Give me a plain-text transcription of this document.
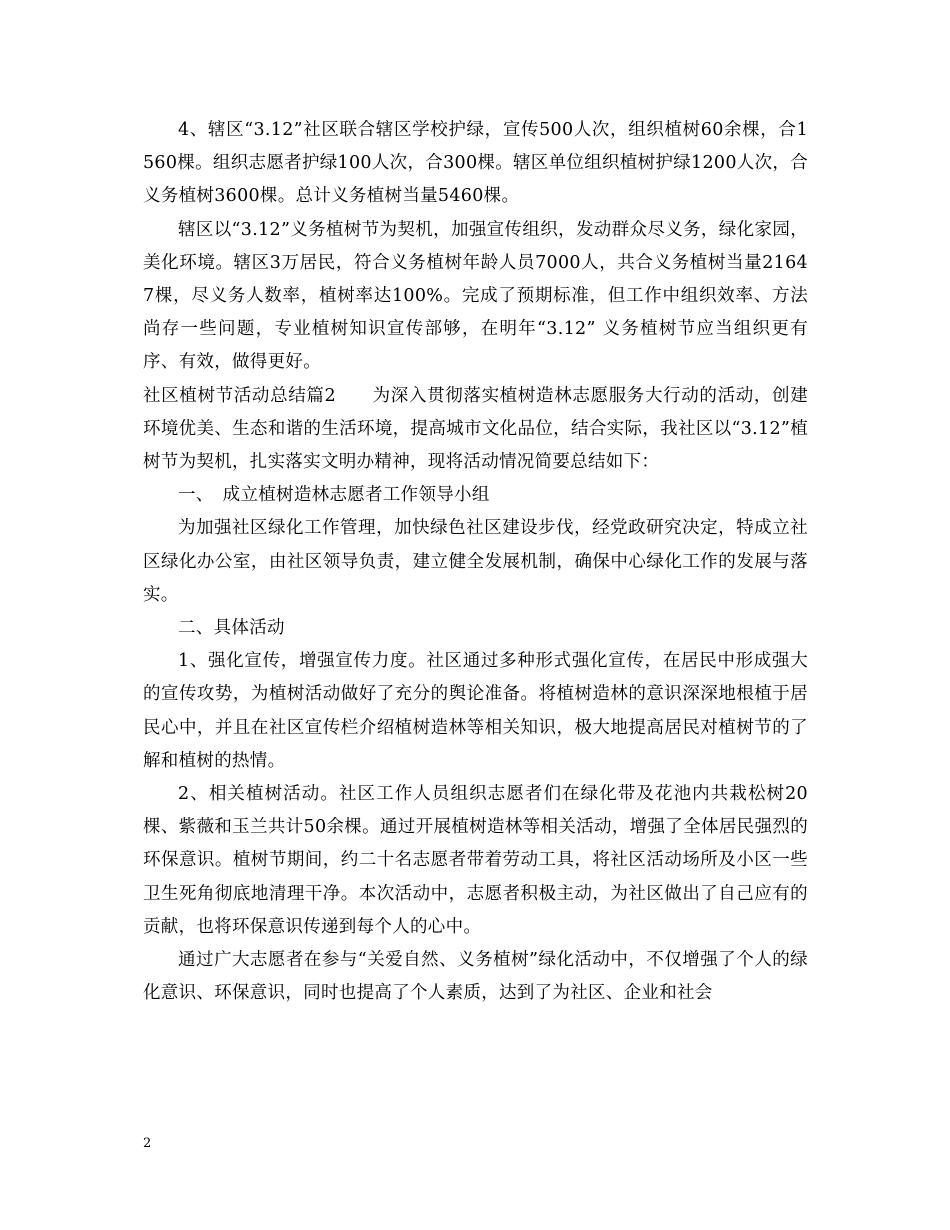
4、辖区“3.12”社区联合辖区学校护绿，宣传500人次，组织植树60余棵，合1560棵。组织志愿者护绿100人次，合300棵。辖区单位组织植树护绿1200人次，合义务植树3600棵。总计义务植树当量5460棵。

辖区以“3.12”义务植树节为契机，加强宣传组织，发动群众尽义务，绿化家园，美化环境。辖区3万居民，符合义务植树年龄人员7000人，共合义务植树当量21647棵，尽义务人数率，植树率达100%。完成了预期标准，但工作中组织效率、方法尚存一些问题，专业植树知识宣传部够，在明年“3.12” 义务植树节应当组织更有序、有效，做得更好。

社区植树节活动总结篇2　　为深入贯彻落实植树造林志愿服务大行动的活动，创建环境优美、生态和谐的生活环境，提高城市文化品位，结合实际，我社区以“3.12”植树节为契机，扎实落实文明办精神，现将活动情况简要总结如下：

一、　成立植树造林志愿者工作领导小组

为加强社区绿化工作管理，加快绿色社区建设步伐，经党政研究决定，特成立社区绿化办公室，由社区领导负责，建立健全发展机制，确保中心绿化工作的发展与落实。

二、具体活动

1、强化宣传，增强宣传力度。社区通过多种形式强化宣传，在居民中形成强大的宣传攻势，为植树活动做好了充分的舆论准备。将植树造林的意识深深地根植于居民心中，并且在社区宣传栏介绍植树造林等相关知识，极大地提高居民对植树节的了解和植树的热情。

2、相关植树活动。社区工作人员组织志愿者们在绿化带及花池内共栽松树20棵、紫薇和玉兰共计50余棵。通过开展植树造林等相关活动，增强了全体居民强烈的环保意识。植树节期间，约二十名志愿者带着劳动工具，将社区活动场所及小区一些卫生死角彻底地清理干净。本次活动中，志愿者积极主动，为社区做出了自己应有的贡献，也将环保意识传递到每个人的心中。

通过广大志愿者在参与“关爱自然、义务植树”绿化活动中，不仅增强了个人的绿化意识、环保意识，同时也提高了个人素质，达到了为社区、企业和社会

2
